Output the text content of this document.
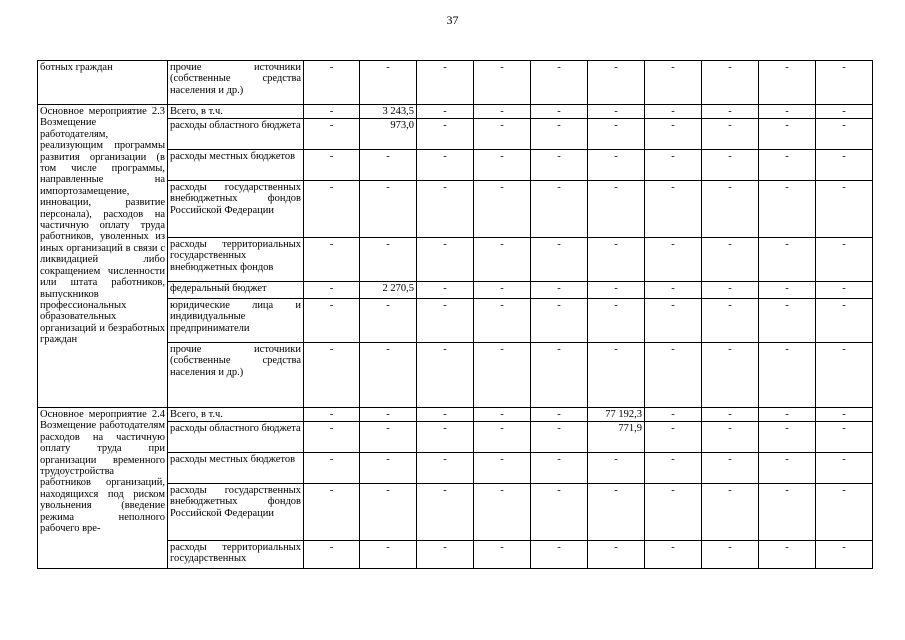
37
ботных граждан	прочие источники (собственные средства населения и др.)	-	-	-	-	-	-	-	-	-	-
Основное мероприятие 2.3 Возмещение работодателям, реализующим программы развития организации (в том числе программы, направленные на импортозамещение, инновации, развитие персонала), расходов на частичную оплату труда работников, уволенных из иных организаций в связи с ликвидацией либо сокращением численности или штата работников, выпускников профессиональных образовательных организаций и безработных граждан	Всего, в т.ч.	-	3 243,5	-	-	-	-	-	-	-	-
	расходы областного бюджета	-	973,0	-	-	-	-	-	-	-	-
	расходы местных бюджетов	-	-	-	-	-	-	-	-	-	-
	расходы государственных внебюджетных фондов Российской Федерации	-	-	-	-	-	-	-	-	-	-
	расходы территориальных государственных внебюджетных фондов	-	-	-	-	-	-	-	-	-	-
	федеральный бюджет	-	2 270,5	-	-	-	-	-	-	-	-
	юридические лица и индивидуальные предприниматели	-	-	-	-	-	-	-	-	-	-
	прочие источники (собственные средства населения и др.)	-	-	-	-	-	-	-	-	-	-
Основное мероприятие 2.4 Возмещение работодателям расходов на частичную оплату труда при организации временного трудоустройства работников организаций, находящихся под риском увольнения (введение режима неполного рабочего вре-	Всего, в т.ч.	-	-	-	-	-	77 192,3	-	-	-	-
	расходы областного бюджета	-	-	-	-	-	771,9	-	-	-	-
	расходы местных бюджетов	-	-	-	-	-	-	-	-	-	-
	расходы государственных внебюджетных фондов Российской Федерации	-	-	-	-	-	-	-	-	-	-
	расходы территориальных государственных	-	-	-	-	-	-	-	-	-	-
